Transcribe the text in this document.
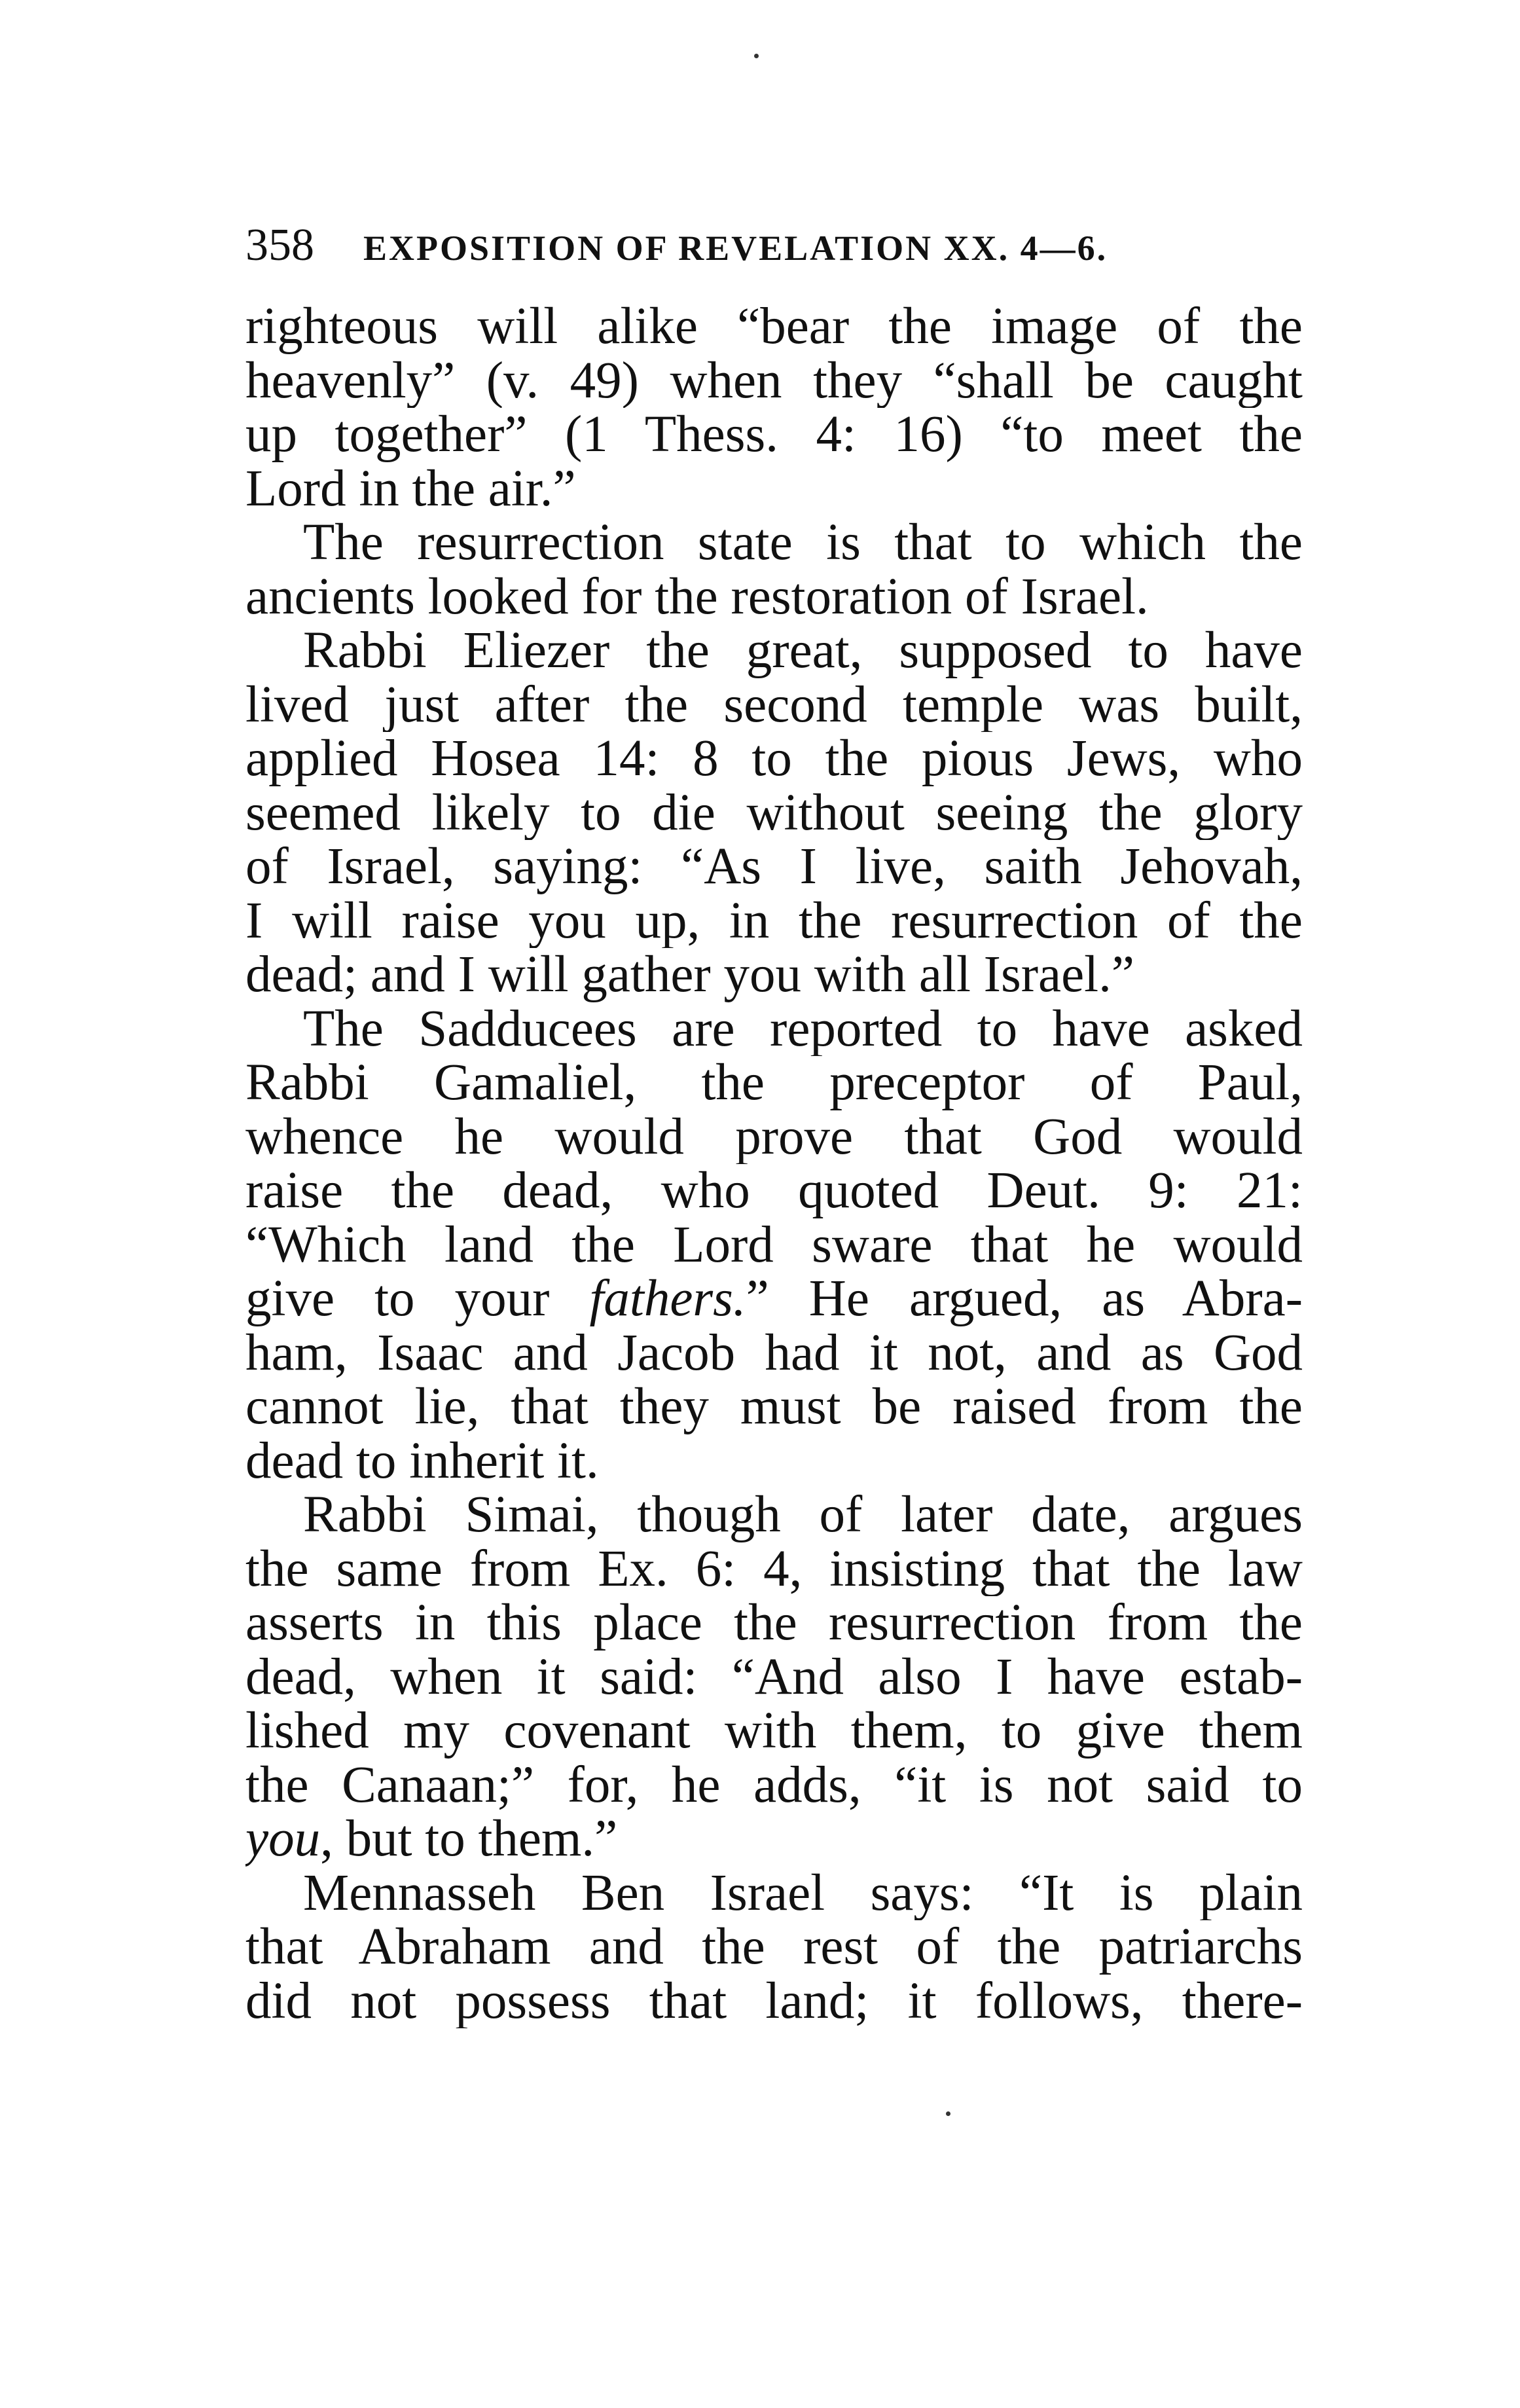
358 EXPOSITION OF REVELATION XX. 4—6.
righteous will alike “bear the image of the
heavenly” (v. 49) when they “shall be caught
up together” (1 Thess. 4: 16) “to meet the
Lord in the air.”
The resurrection state is that to which the
ancients looked for the restoration of Israel.
Rabbi Eliezer the great, supposed to have
lived just after the second temple was built,
applied Hosea 14: 8 to the pious Jews, who
seemed likely to die without seeing the glory
of Israel, saying: “As I live, saith Jehovah,
I will raise you up, in the resurrection of the
dead; and I will gather you with all Israel.”
The Sadducees are reported to have asked
Rabbi Gamaliel, the preceptor of Paul,
whence he would prove that God would
raise the dead, who quoted Deut. 9: 21:
“Which land the Lord sware that he would
give to your fathers.” He argued, as Abra-
ham, Isaac and Jacob had it not, and as God
cannot lie, that they must be raised from the
dead to inherit it.
Rabbi Simai, though of later date, argues
the same from Ex. 6: 4, insisting that the law
asserts in this place the resurrection from the
dead, when it said: “And also I have estab-
lished my covenant with them, to give them
the Canaan;” for, he adds, “it is not said to
you, but to them.”
Mennasseh Ben Israel says: “It is plain
that Abraham and the rest of the patriarchs
did not possess that land; it follows, there-
